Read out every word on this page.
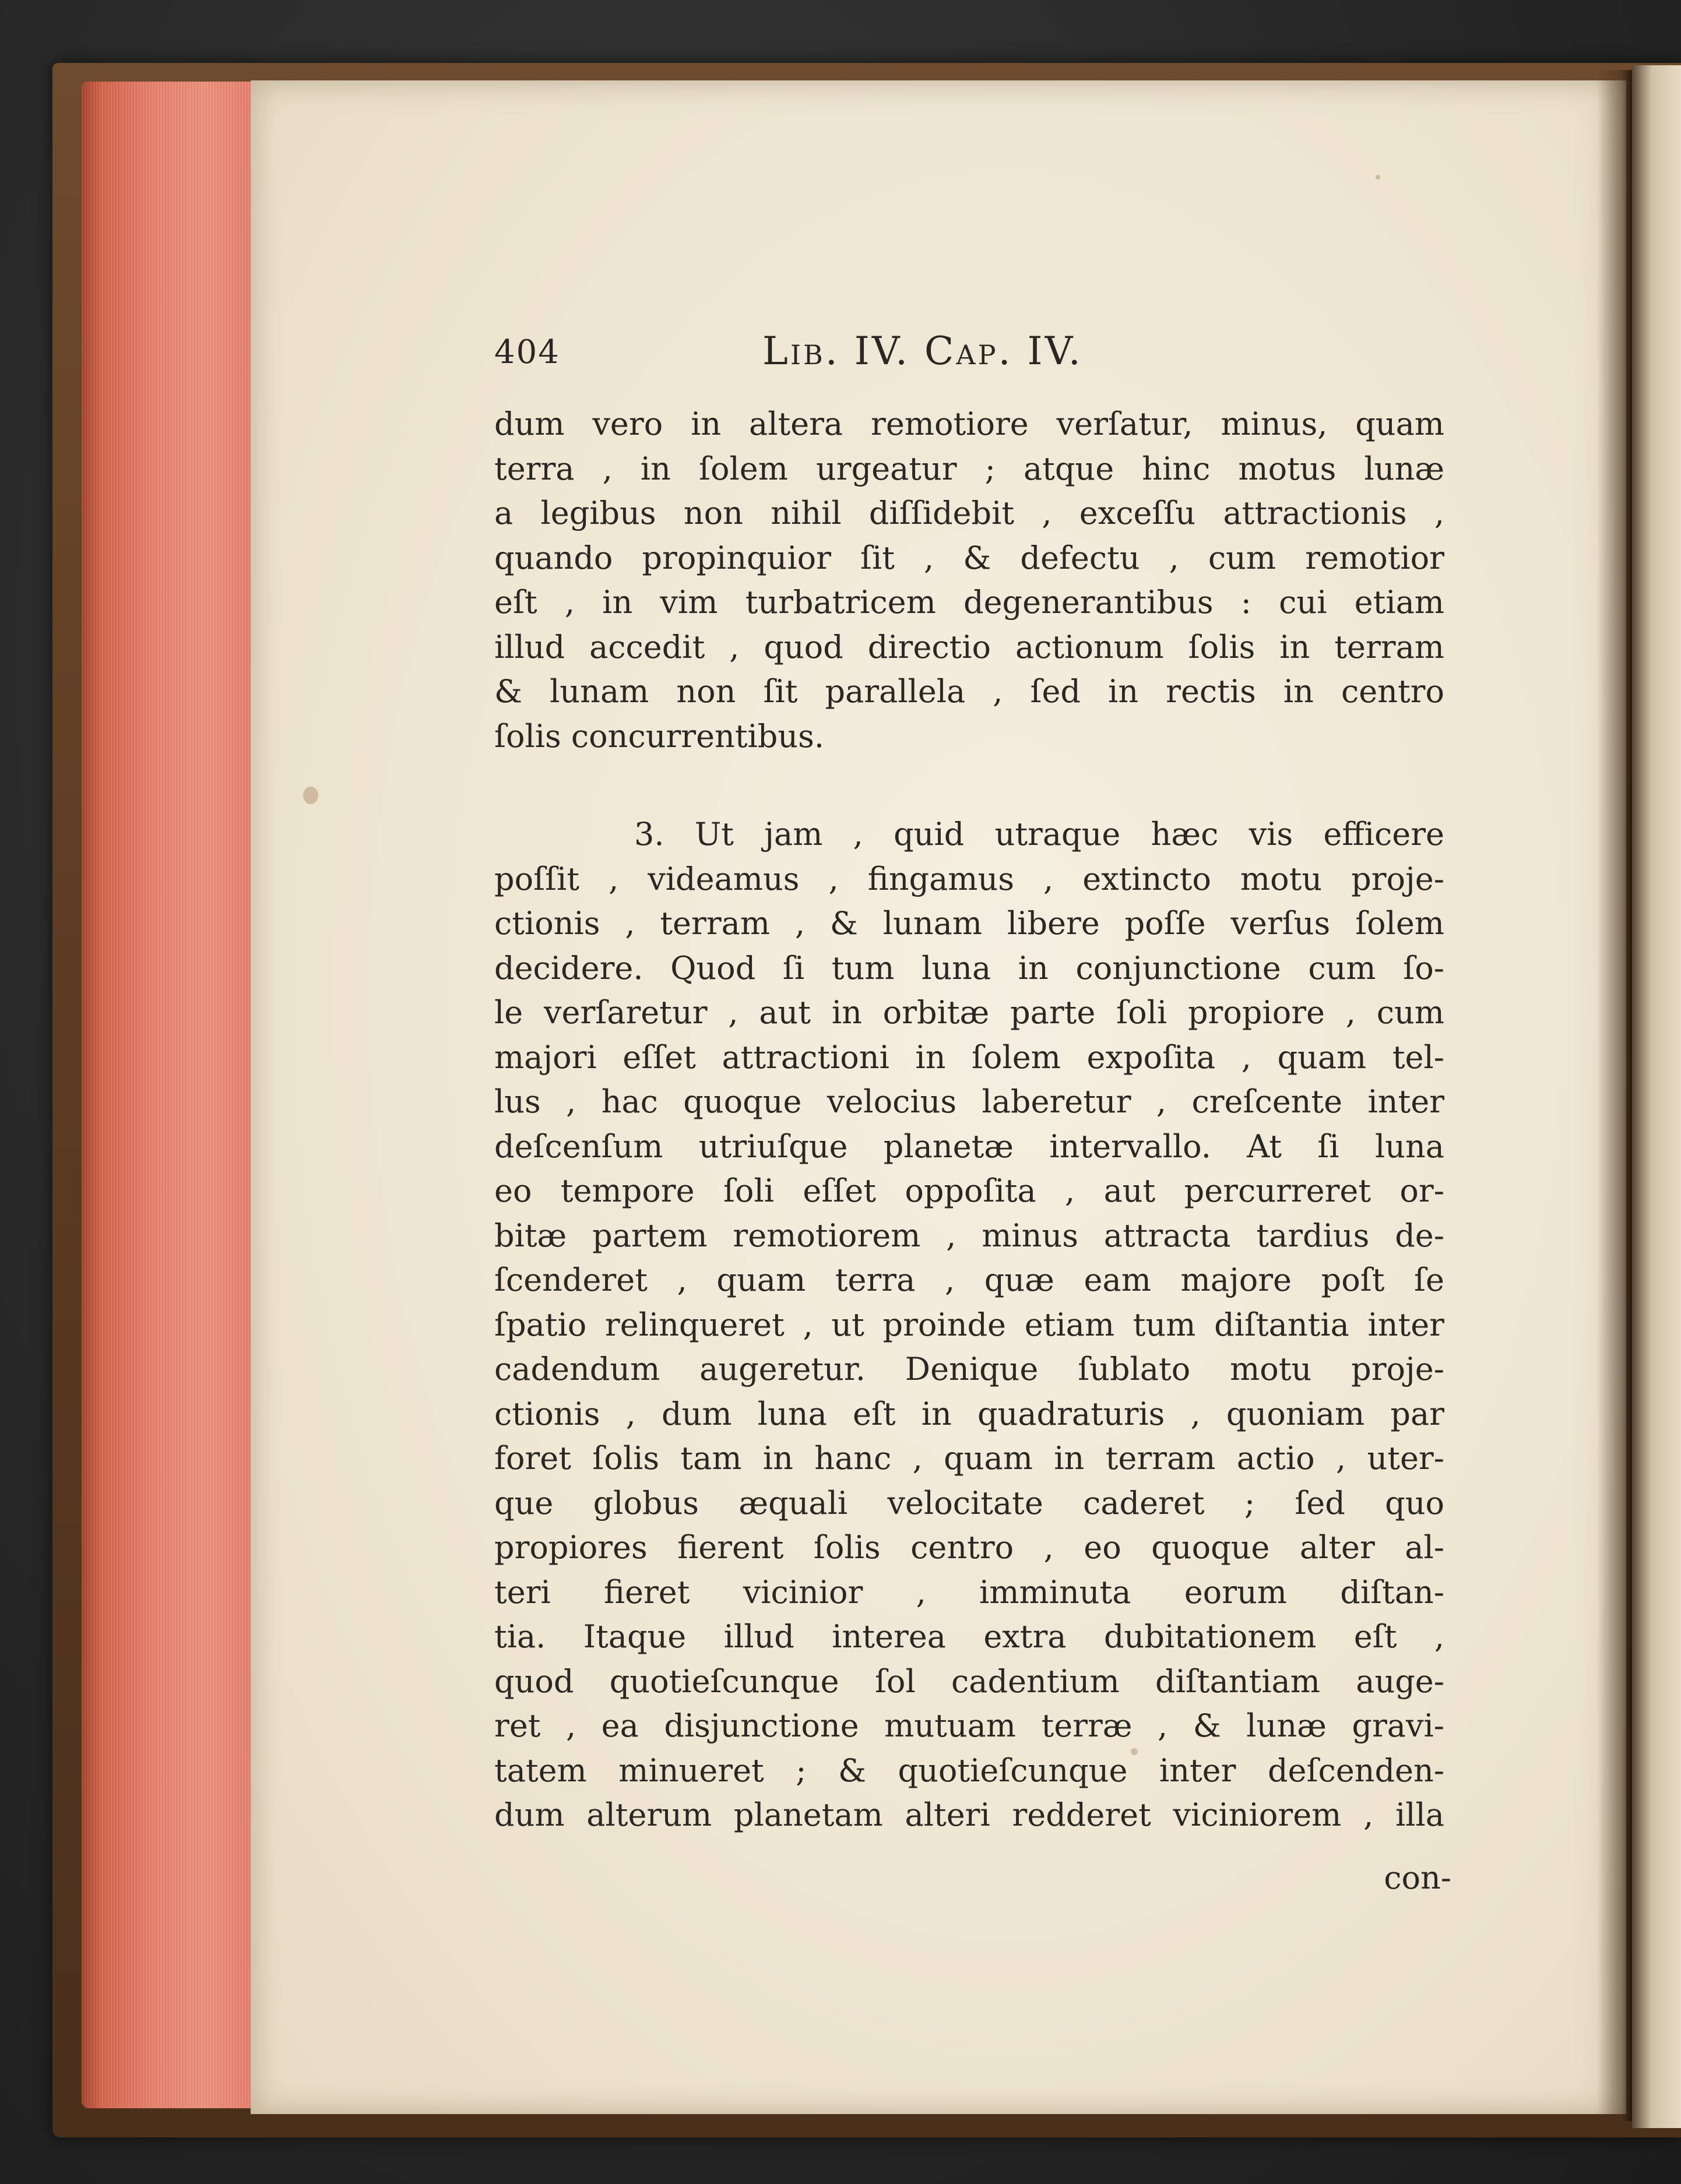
404	Lib. IV. Cap. IV.
dum vero in altera remotiore verſatur, minus, quam
terra , in ſolem urgeatur ; atque hinc motus lunæ
a legibus non nihil diſſidebit , exceſſu attractionis ,
quando propinquior ſit , & defectu , cum remotior
eſt , in vim turbatricem degenerantibus : cui etiam
illud accedit , quod directio actionum ſolis in terram
& lunam non ſit parallela , ſed in rectis in centro
ſolis concurrentibus.
3. Ut jam , quid utraque hæc vis efficere
poſſit , videamus , fingamus , extincto motu proje-
ctionis , terram , & lunam libere poſſe verſus ſolem
decidere. Quod ſi tum luna in conjunctione cum ſo-
le verſaretur , aut in orbitæ parte ſoli propiore , cum
majori eſſet attractioni in ſolem expoſita , quam tel-
lus , hac quoque velocius laberetur , creſcente inter
deſcenſum utriuſque planetæ intervallo. At ſi luna
eo tempore ſoli eſſet oppoſita , aut percurreret or-
bitæ partem remotiorem , minus attracta tardius de-
ſcenderet , quam terra , quæ eam majore poſt ſe
ſpatio relinqueret , ut proinde etiam tum diſtantia inter
cadendum augeretur. Denique ſublato motu proje-
ctionis , dum luna eſt in quadraturis , quoniam par
foret ſolis tam in hanc , quam in terram actio , uter-
que globus æquali velocitate caderet ; ſed quo
propiores fierent ſolis centro , eo quoque alter al-
teri fieret vicinior , imminuta eorum diſtan-
tia. Itaque illud interea extra dubitationem eſt ,
quod quotieſcunque ſol cadentium diſtantiam auge-
ret , ea disjunctione mutuam terræ , & lunæ gravi-
tatem minueret ; & quotieſcunque inter deſcenden-
dum alterum planetam alteri redderet viciniorem , illa
con-
